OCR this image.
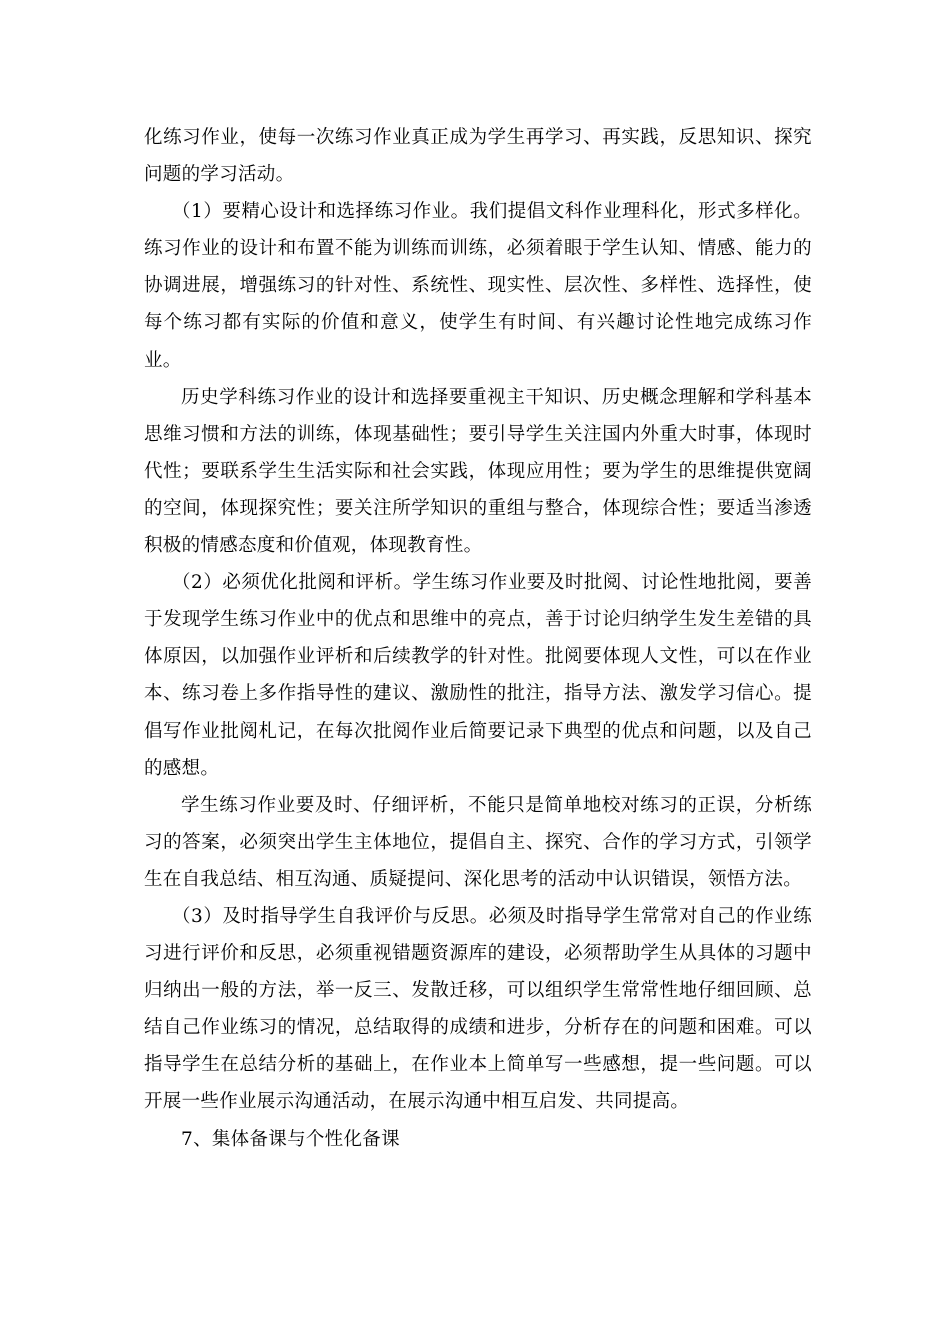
化练习作业，使每一次练习作业真正成为学生再学习、再实践，反思知识、探究问题的学习活动。

（1）要精心设计和选择练习作业。我们提倡文科作业理科化，形式多样化。练习作业的设计和布置不能为训练而训练，必须着眼于学生认知、情感、能力的协调进展，增强练习的针对性、系统性、现实性、层次性、多样性、选择性，使每个练习都有实际的价值和意义，使学生有时间、有兴趣讨论性地完成练习作业。

历史学科练习作业的设计和选择要重视主干知识、历史概念理解和学科基本思维习惯和方法的训练，体现基础性；要引导学生关注国内外重大时事，体现时代性；要联系学生生活实际和社会实践，体现应用性；要为学生的思维提供宽阔的空间，体现探究性；要关注所学知识的重组与整合，体现综合性；要适当渗透积极的情感态度和价值观，体现教育性。

（2）必须优化批阅和评析。学生练习作业要及时批阅、讨论性地批阅，要善于发现学生练习作业中的优点和思维中的亮点，善于讨论归纳学生发生差错的具体原因，以加强作业评析和后续教学的针对性。批阅要体现人文性，可以在作业本、练习卷上多作指导性的建议、激励性的批注，指导方法、激发学习信心。提倡写作业批阅札记，在每次批阅作业后简要记录下典型的优点和问题，以及自己的感想。

学生练习作业要及时、仔细评析，不能只是简单地校对练习的正误，分析练习的答案，必须突出学生主体地位，提倡自主、探究、合作的学习方式，引领学生在自我总结、相互沟通、质疑提问、深化思考的活动中认识错误，领悟方法。

（3）及时指导学生自我评价与反思。必须及时指导学生常常对自己的作业练习进行评价和反思，必须重视错题资源库的建设，必须帮助学生从具体的习题中归纳出一般的方法，举一反三、发散迁移，可以组织学生常常性地仔细回顾、总结自己作业练习的情况，总结取得的成绩和进步，分析存在的问题和困难。可以指导学生在总结分析的基础上，在作业本上简单写一些感想，提一些问题。可以开展一些作业展示沟通活动，在展示沟通中相互启发、共同提高。

7、集体备课与个性化备课
